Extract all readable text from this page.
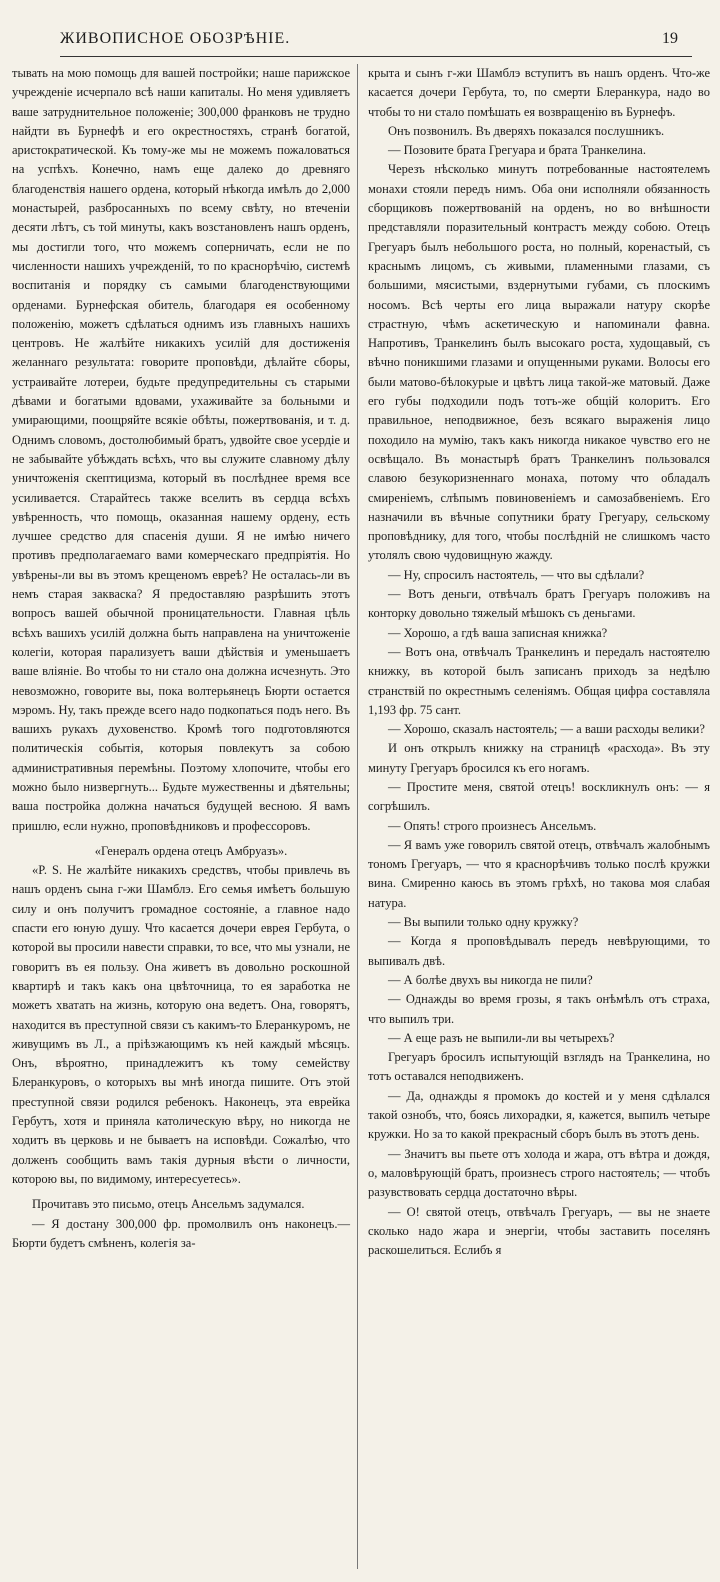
ЖИВОПИСНОЕ ОБОЗРѢНІЕ.	19

тывать на мою помощь для вашей постройки; наше парижское учрежденіе исчерпало всѣ наши капиталы. Но меня удивляетъ ваше затруднительное положеніе; 300,000 франковъ не трудно найдти въ Бурнефѣ и его окрестностяхъ, странѣ богатой, аристократической. Къ тому-же мы не можемъ пожаловаться на успѣхъ. Конечно, намъ еще далеко до древняго благоденствія нашего ордена, который нѣкогда имѣлъ до 2,000 монастырей, разбросанныхъ по всему свѣту, но втеченіи десяти лѣтъ, съ той минуты, какъ возстановленъ нашъ орденъ, мы достигли того, что можемъ соперничать, если не по численности нашихъ учрежденій, то по краснорѣчію, системѣ воспитанія и порядку съ самыми благоденствующими орденами. Бурнефская обитель, благодаря ея особенному положенію, можетъ сдѣлаться однимъ изъ главныхъ нашихъ центровъ. Не жалѣйте никакихъ усилій для достиженія желаннаго результата: говорите проповѣди, дѣлайте сборы, устраивайте лотереи, будьте предупредительны съ старыми дѣвами и богатыми вдовами, ухаживайте за больными и умирающими, поощряйте всякіе обѣты, пожертвованія, и т. д. Однимъ словомъ, достолюбимый братъ, удвойте свое усердіе и не забывайте убѣждать всѣхъ, что вы служите славному дѣлу уничтоженія скептицизма, который въ послѣднее время все усиливается. Старайтесь также вселить въ сердца всѣхъ увѣренность, что помощь, оказанная нашему ордену, есть лучшее средство для спасенія души. Я не имѣю ничего противъ предполагаемаго вами комерческаго предпріятія. Но увѣрены-ли вы въ этомъ крещеномъ евреѣ? Не осталась-ли въ немъ старая закваска? Я предоставляю разрѣшить этотъ вопросъ вашей обычной проницательности. Главная цѣль всѣхъ вашихъ усилій должна быть направлена на уничтоженіе колегіи, которая парализуетъ ваши дѣйствія и уменьшаетъ ваше вліяніе. Во чтобы то ни стало она должна исчезнуть. Это невозможно, говорите вы, пока волтерьянецъ Бюрти остается мэромъ. Ну, такъ прежде всего надо подкопаться подъ него. Въ вашихъ рукахъ духовенство. Кромѣ того подготовляются политическія событія, которыя повлекутъ за собою административныя перемѣны. Поэтому хлопочите, чтобы его можно было низвергнуть... Будьте мужественны и дѣятельны; ваша постройка должна начаться будущей весною. Я вамъ пришлю, если нужно, проповѣдниковъ и профессоровъ.

«Генералъ ордена отецъ Амбруазъ».

«P. S. Не жалѣйте никакихъ средствъ, чтобы привлечь въ нашъ орденъ сына г-жи Шамблэ. Его семья имѣетъ большую силу и онъ получитъ громадное состояніе, а главное надо спасти его юную душу. Что касается дочери еврея Гербута, о которой вы просили навести справки, то все, что мы узнали, не говоритъ въ ея пользу. Она живетъ въ довольно роскошной квартирѣ и такъ какъ она цвѣточница, то ея заработка не можетъ хватать на жизнь, которую она ведетъ. Она, говорятъ, находится въ преступной связи съ какимъ-то Блеранкуромъ, не живущимъ въ Л., а пріѣзжающимъ къ ней каждый мѣсяцъ. Онъ, вѣроятно, принадлежитъ къ тому семейству Блеранкуровъ, о которыхъ вы мнѣ иногда пишите. Отъ этой преступной связи родился ребенокъ. Наконецъ, эта еврейка Гербутъ, хотя и приняла католическую вѣру, но никогда не ходитъ въ церковь и не бываетъ на исповѣди. Сожалѣю, что долженъ сообщить вамъ такія дурныя вѣсти о личности, которою вы, по видимому, интересуетесь».

Прочитавъ это письмо, отецъ Ансельмъ задумался.

— Я достану 300,000 фр. промолвилъ онъ наконецъ.—Бюрти будетъ смѣненъ, колегія за-

крыта и сынъ г-жи Шамблэ вступитъ въ нашъ орденъ. Что-же касается дочери Гербута, то, по смерти Блеранкура, надо во чтобы то ни стало помѣшать ея возвращенію въ Бурнефъ.

Онъ позвонилъ. Въ дверяхъ показался послушникъ.

— Позовите брата Грегуара и брата Транкелина.

Черезъ нѣсколько минутъ потребованные настоятелемъ монахи стояли передъ нимъ. Оба они исполняли обязанность сборщиковъ пожертвованій на орденъ, но во внѣшности представляли поразительный контрастъ между собою. Отецъ Грегуаръ былъ небольшого роста, но полный, коренастый, съ краснымъ лицомъ, съ живыми, пламенными глазами, съ большими, мясистыми, вздернутыми губами, съ плоскимъ носомъ. Всѣ черты его лица выражали натуру скорѣе страстную, чѣмъ аскетическую и напоминали фавна. Напротивъ, Транкелинъ былъ высокаго роста, худощавый, съ вѣчно поникшими глазами и опущенными руками. Волосы его были матово-бѣлокурые и цвѣтъ лица такой-же матовый. Даже его губы подходили подъ тотъ-же общій колоритъ. Его правильное, неподвижное, безъ всякаго выраженія лицо походило на мумію, такъ какъ никогда никакое чувство его не освѣщало. Въ монастырѣ братъ Транкелинъ пользовался славою безукоризненнаго монаха, потому что обладалъ смиреніемъ, слѣпымъ повиновеніемъ и самозабвеніемъ. Его назначили въ вѣчные сопутники брату Грегуару, сельскому проповѣднику, для того, чтобы послѣдній не слишкомъ часто утолялъ свою чудовищную жажду.

— Ну, спросилъ настоятель, — что вы сдѣлали?

— Вотъ деньги, отвѣчалъ братъ Грегуаръ положивъ на конторку довольно тяжелый мѣшокъ съ деньгами.

— Хорошо, а гдѣ ваша записная книжка?

— Вотъ она, отвѣчалъ Транкелинъ и передалъ настоятелю книжку, въ которой былъ записанъ приходъ за недѣлю странствій по окрестнымъ селеніямъ. Общая цифра составляла 1,193 фр. 75 сант.

— Хорошо, сказалъ настоятель; — а ваши расходы велики?

И онъ открылъ книжку на страницѣ «расхода». Въ эту минуту Грегуаръ бросился къ его ногамъ.

— Простите меня, святой отецъ! воскликнулъ онъ: — я согрѣшилъ.

— Опять! строго произнесъ Ансельмъ.

— Я вамъ уже говорилъ святой отецъ, отвѣчалъ жалобнымъ тономъ Грегуаръ, — что я краснорѣчивъ только послѣ кружки вина. Смиренно каюсь въ этомъ грѣхѣ, но такова моя слабая натура.

— Вы выпили только одну кружку?

— Когда я проповѣдывалъ передъ невѣрующими, то выпивалъ двѣ.

— А болѣе двухъ вы никогда не пили?

— Однажды во время грозы, я такъ онѣмѣлъ отъ страха, что выпилъ три.

— А еще разъ не выпили-ли вы четырехъ?

Грегуаръ бросилъ испытующій взглядъ на Транкелина, но тотъ оставался неподвиженъ.

— Да, однажды я промокъ до костей и у меня сдѣлался такой ознобъ, что, боясь лихорадки, я, кажется, выпилъ четыре кружки. Но за то какой прекрасный сборъ былъ въ этотъ день.

— Значитъ вы пьете отъ холода и жара, отъ вѣтра и дождя, о, маловѣрующій братъ, произнесъ строго настоятель; — чтобъ разувствовать сердца достаточно вѣры.

— О! святой отецъ, отвѣчалъ Грегуаръ, — вы не знаете сколько надо жара и энергіи, чтобы заставить поселянъ раскошелиться. Еслибъ я
